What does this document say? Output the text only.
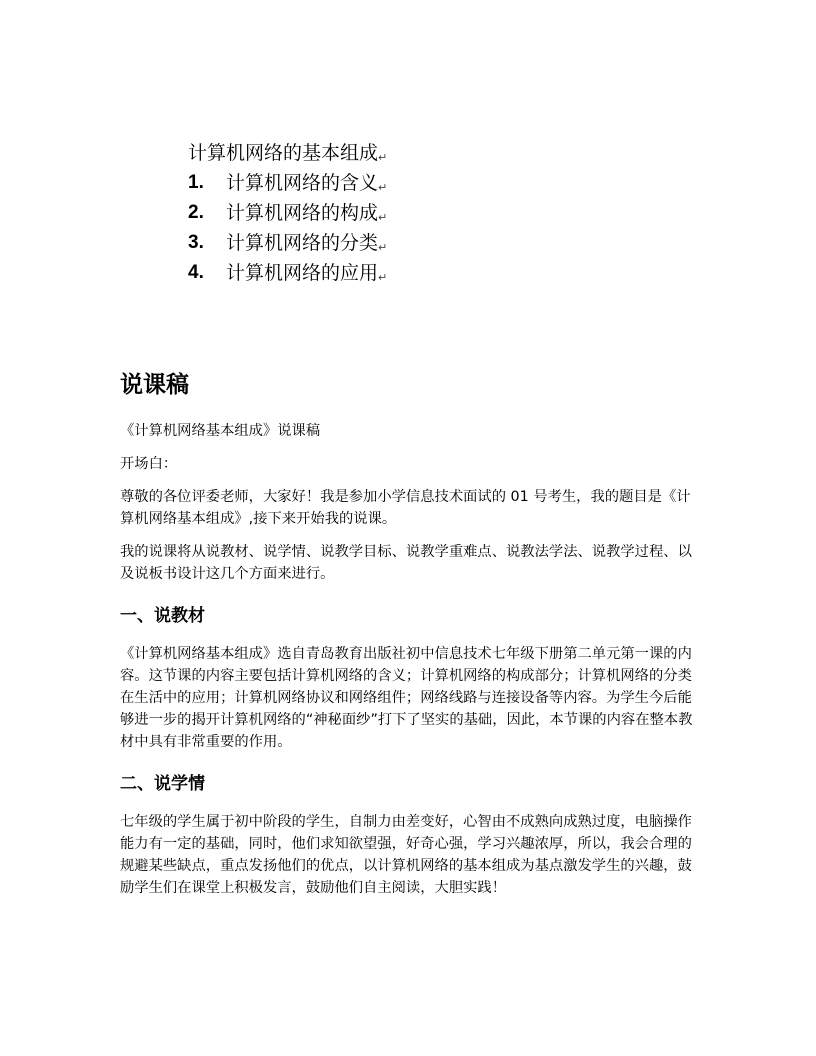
计算机网络的基本组成↵
1.	计算机网络的含义↵
2.	计算机网络的构成↵
3.	计算机网络的分类↵
4.	计算机网络的应用↵
说课稿

《计算机网络基本组成》说课稿

开场白：

尊敬的各位评委老师，大家好！我是参加小学信息技术面试的 01 号考生，我的题目是《计算机网络基本组成》,接下来开始我的说课。

我的说课将从说教材、说学情、说教学目标、说教学重难点、说教法学法、说教学过程、以及说板书设计这几个方面来进行。

一、说教材

《计算机网络基本组成》选自青岛教育出版社初中信息技术七年级下册第二单元第一课的内容。这节课的内容主要包括计算机网络的含义；计算机网络的构成部分；计算机网络的分类在生活中的应用；计算机网络协议和网络组件；网络线路与连接设备等内容。为学生今后能够进一步的揭开计算机网络的“神秘面纱”打下了坚实的基础，因此，本节课的内容在整本教材中具有非常重要的作用。

二、说学情

七年级的学生属于初中阶段的学生，自制力由差变好，心智由不成熟向成熟过度，电脑操作能力有一定的基础，同时，他们求知欲望强，好奇心强，学习兴趣浓厚，所以，我会合理的规避某些缺点，重点发扬他们的优点，以计算机网络的基本组成为基点激发学生的兴趣，鼓励学生们在课堂上积极发言，鼓励他们自主阅读，大胆实践！
